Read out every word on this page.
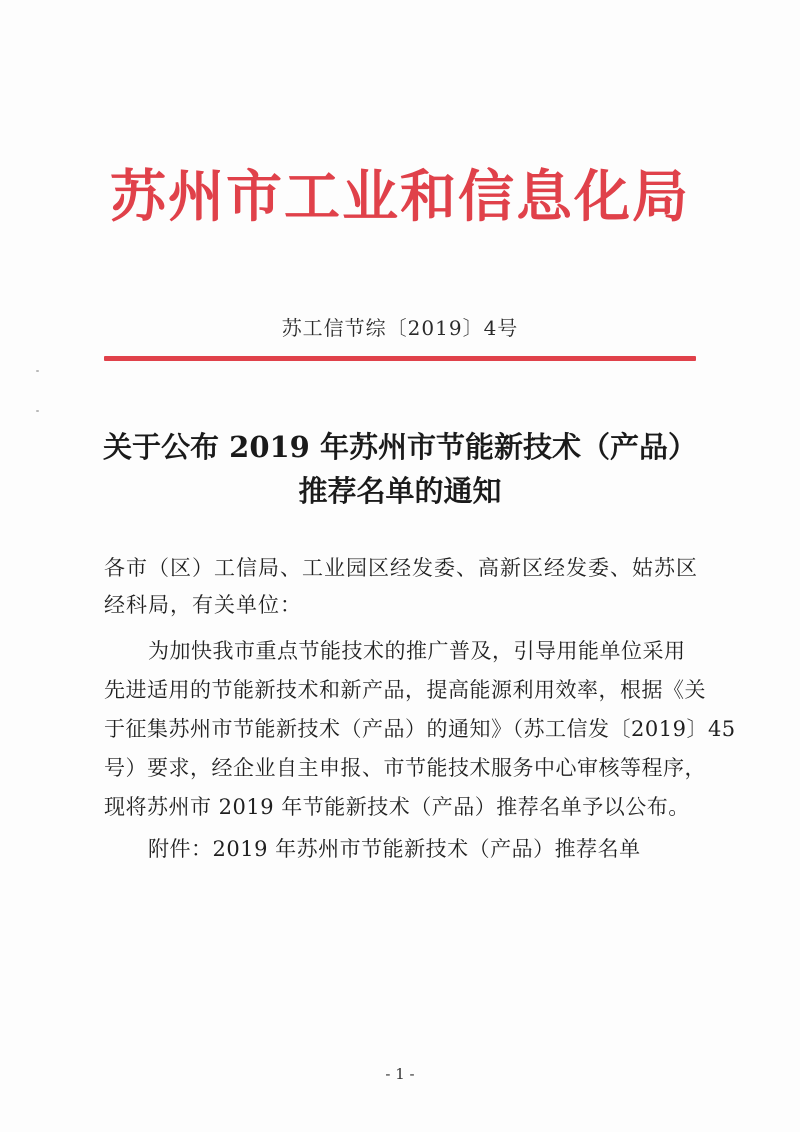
苏州市工业和信息化局
苏工信节综〔2019〕4号
关于公布 2019 年苏州市节能新技术（产品）
推荐名单的通知
各市（区）工信局、工业园区经发委、高新区经发委、姑苏区
经科局，有关单位：
为加快我市重点节能技术的推广普及，引导用能单位采用
先进适用的节能新技术和新产品，提高能源利用效率，根据《关
于征集苏州市节能新技术（产品）的通知》（苏工信发〔2019〕45
号）要求，经企业自主申报、市节能技术服务中心审核等程序，
现将苏州市 2019 年节能新技术（产品）推荐名单予以公布。
附件：2019 年苏州市节能新技术（产品）推荐名单
- 1 -
